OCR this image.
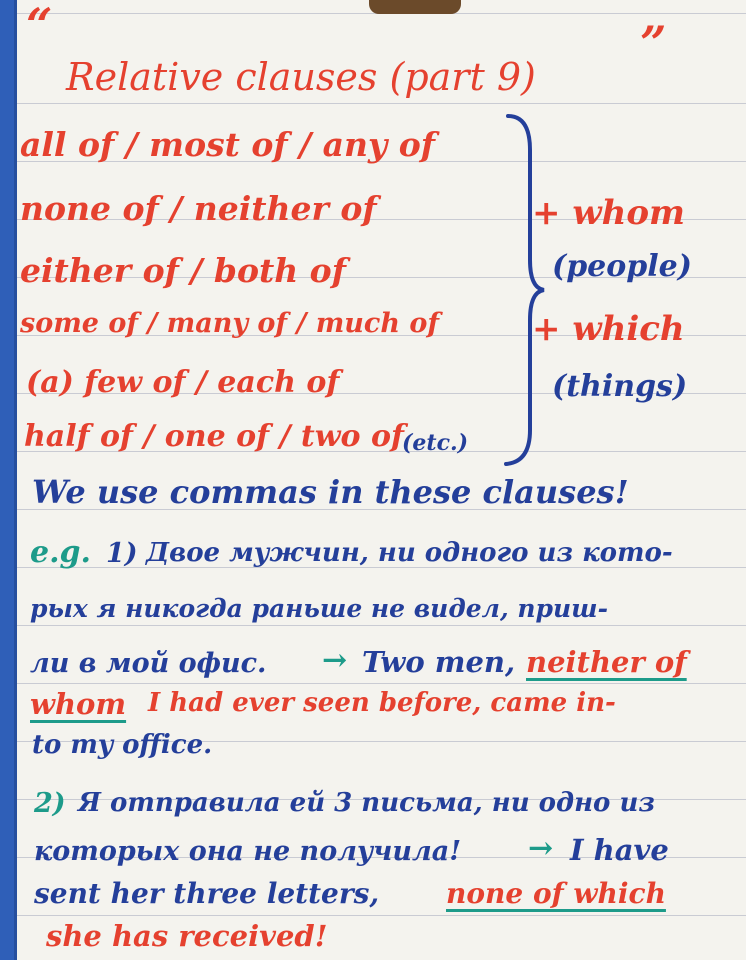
“
Relative clauses (part 9)
”
all of / most of / any of
none of / neither of
either of / both of
some of / many of / much of
(a) few of / each of
half of / one of / two of
(etc.)
+ whom
(people)
+ which
(things)
We use commas in these clauses!
e.g. 1) Двое мужчин, ни одного из кото-
рых я никогда раньше не видел, приш-
ли в мой офис. → Two men, neither of
whom I had ever seen before, came in-
to my office.
2) Я отправила ей 3 письма, ни одно из
которых она не получила! → I have
sent her three letters, none of which
she has received!
